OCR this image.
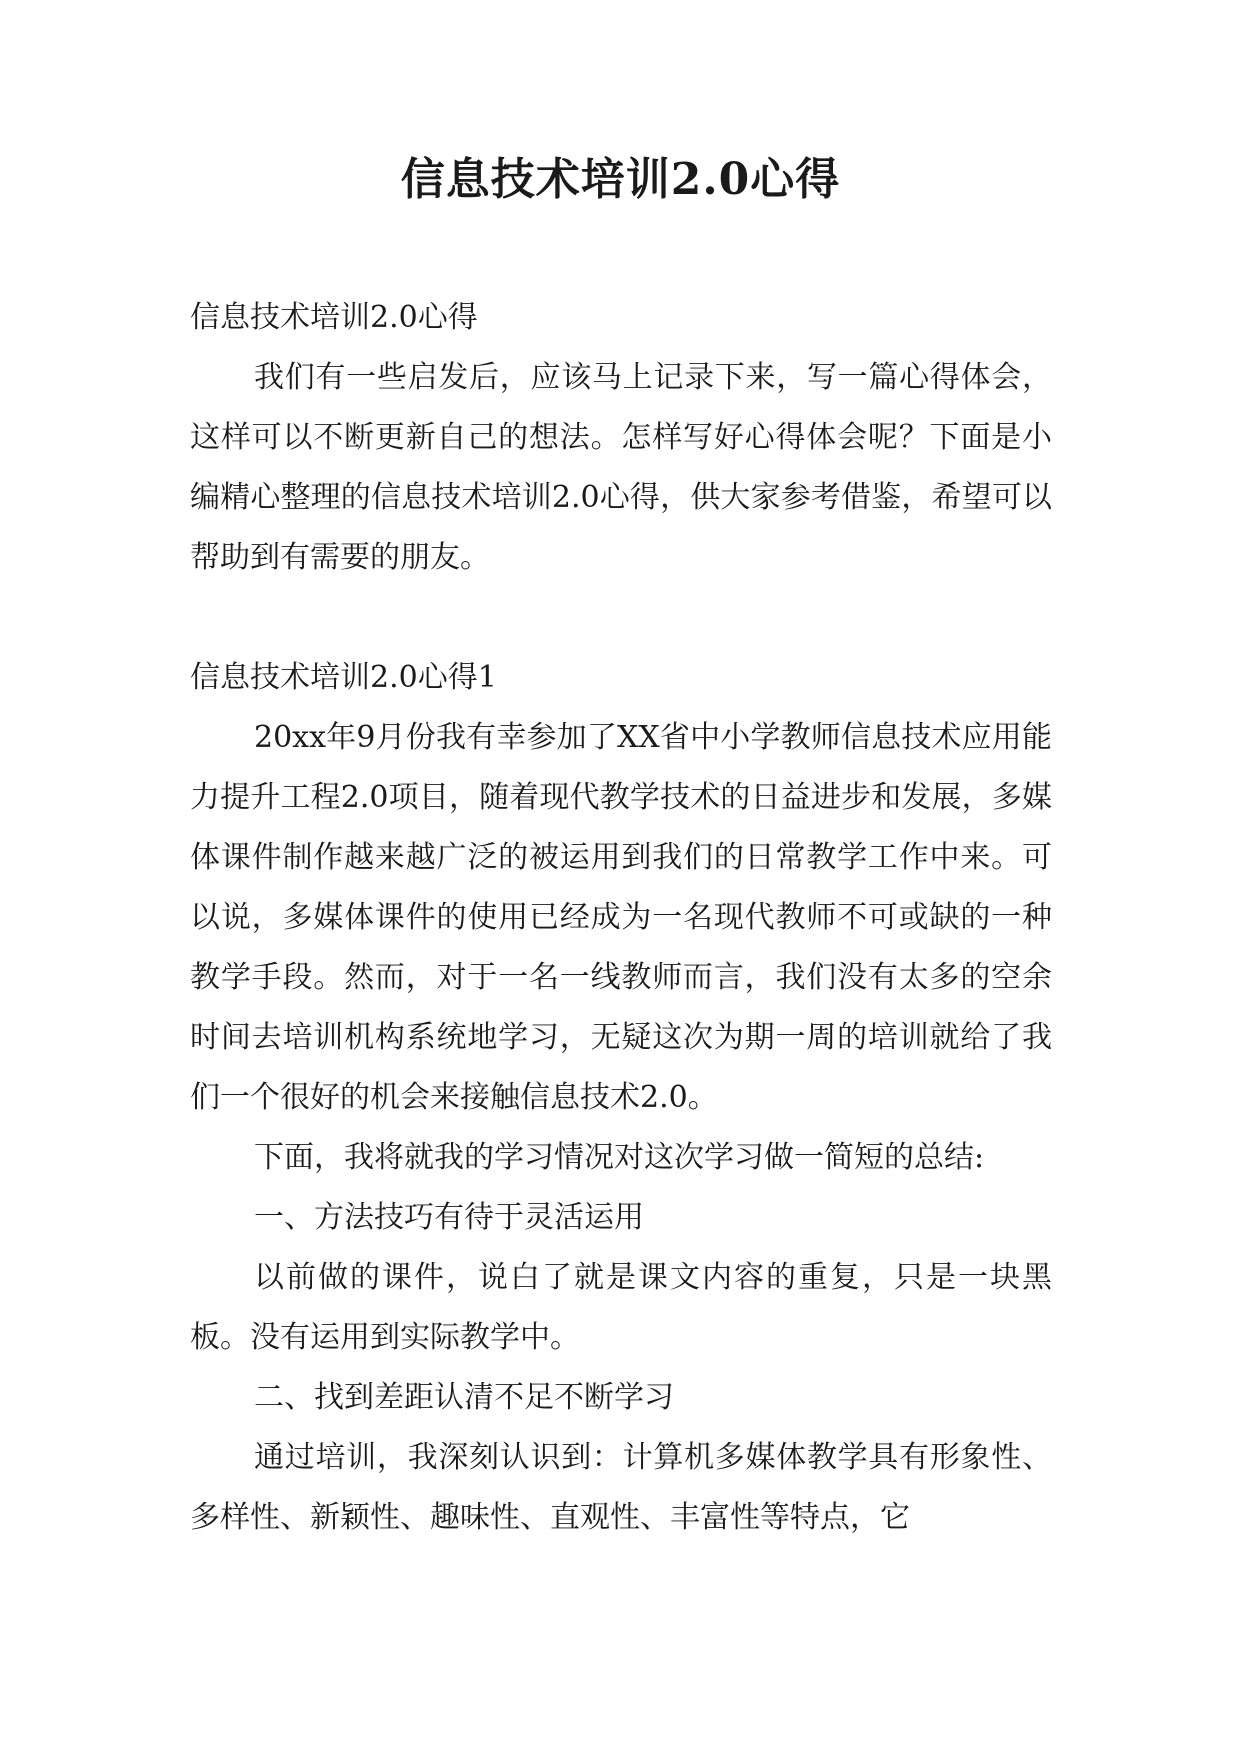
信息技术培训2.0心得

信息技术培训2.0心得

我们有一些启发后，应该马上记录下来，写一篇心得体会，这样可以不断更新自己的想法。怎样写好心得体会呢？下面是小编精心整理的信息技术培训2.0心得，供大家参考借鉴，希望可以帮助到有需要的朋友。

信息技术培训2.0心得1

20xx年9月份我有幸参加了XX省中小学教师信息技术应用能力提升工程2.0项目，随着现代教学技术的日益进步和发展，多媒体课件制作越来越广泛的被运用到我们的日常教学工作中来。可以说，多媒体课件的使用已经成为一名现代教师不可或缺的一种教学手段。然而，对于一名一线教师而言，我们没有太多的空余时间去培训机构系统地学习，无疑这次为期一周的培训就给了我们一个很好的机会来接触信息技术2.0。

下面，我将就我的学习情况对这次学习做一简短的总结:

一、方法技巧有待于灵活运用

以前做的课件，说白了就是课文内容的重复，只是一块黑板。没有运用到实际教学中。

二、找到差距认清不足不断学习

通过培训，我深刻认识到：计算机多媒体教学具有形象性、多样性、新颖性、趣味性、直观性、丰富性等特点，它
